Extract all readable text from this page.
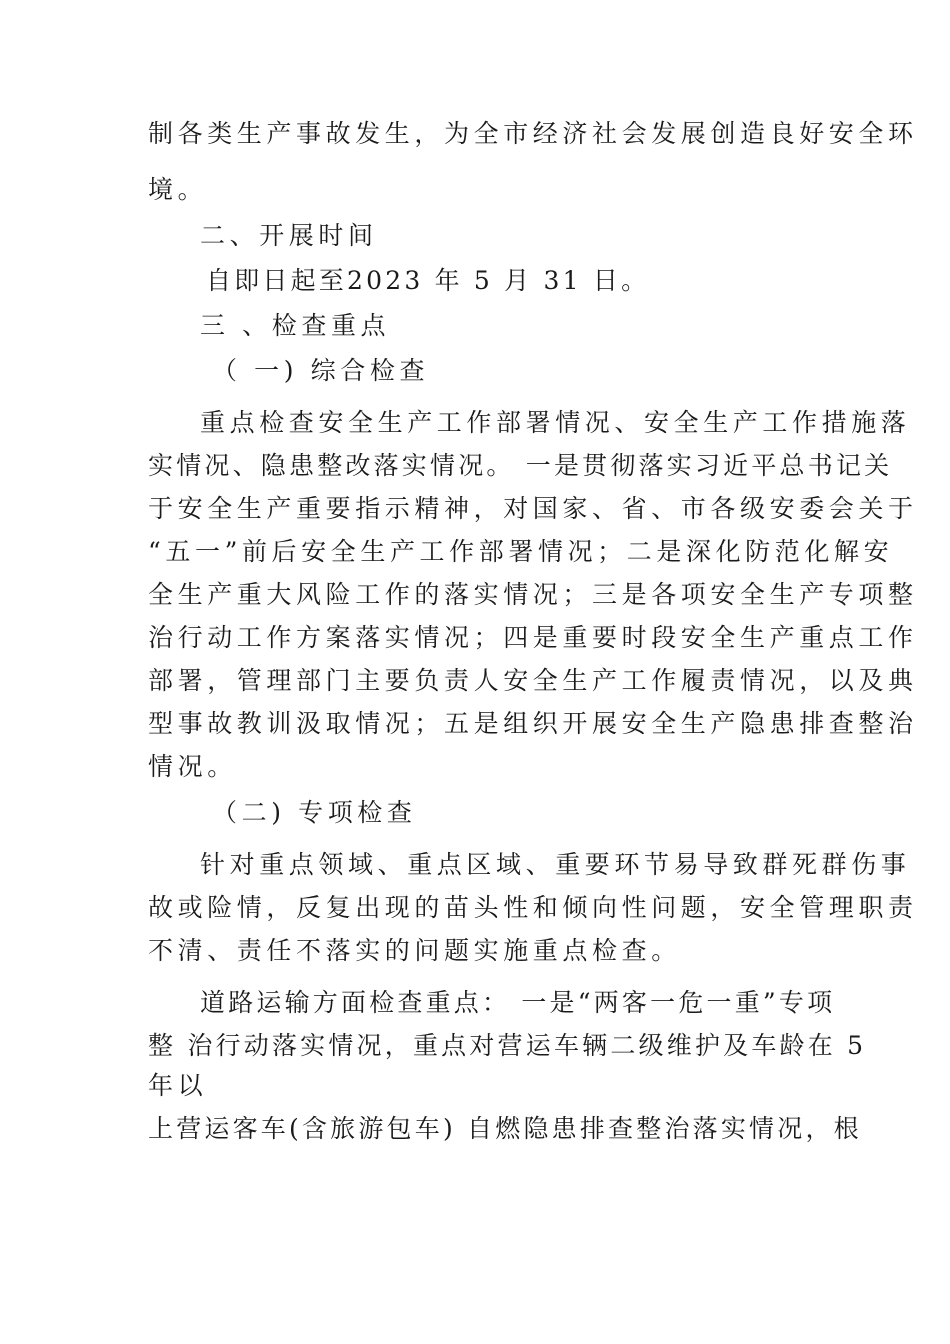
制各类生产事故发生，为全市经济社会发展创造良好安全环
境。
二、开展时间
自即日起至2023 年 5 月 31 日。
三 、检查重点
（ 一) 综合检查
重点检查安全生产工作部署情况、安全生产工作措施落
实情况、隐患整改落实情况。 一是贯彻落实习近平总书记关
于安全生产重要指示精神，对国家、省、市各级安委会关于
“五一”前后安全生产工作部署情况；二是深化防范化解安
全生产重大风险工作的落实情况；三是各项安全生产专项整
治行动工作方案落实情况；四是重要时段安全生产重点工作
部署，管理部门主要负责人安全生产工作履责情况，以及典
型事故教训汲取情况；五是组织开展安全生产隐患排查整治
情况。
（二) 专项检查
针对重点领域、重点区域、重要环节易导致群死群伤事
故或险情，反复出现的苗头性和倾向性问题，安全管理职责
不清、责任不落实的问题实施重点检查。
道路运输方面检查重点： 一是“两客一危一重”专项
整 治行动落实情况，重点对营运车辆二级维护及车龄在 5
年以
上营运客车(含旅游包车) 自燃隐患排查整治落实情况，根
